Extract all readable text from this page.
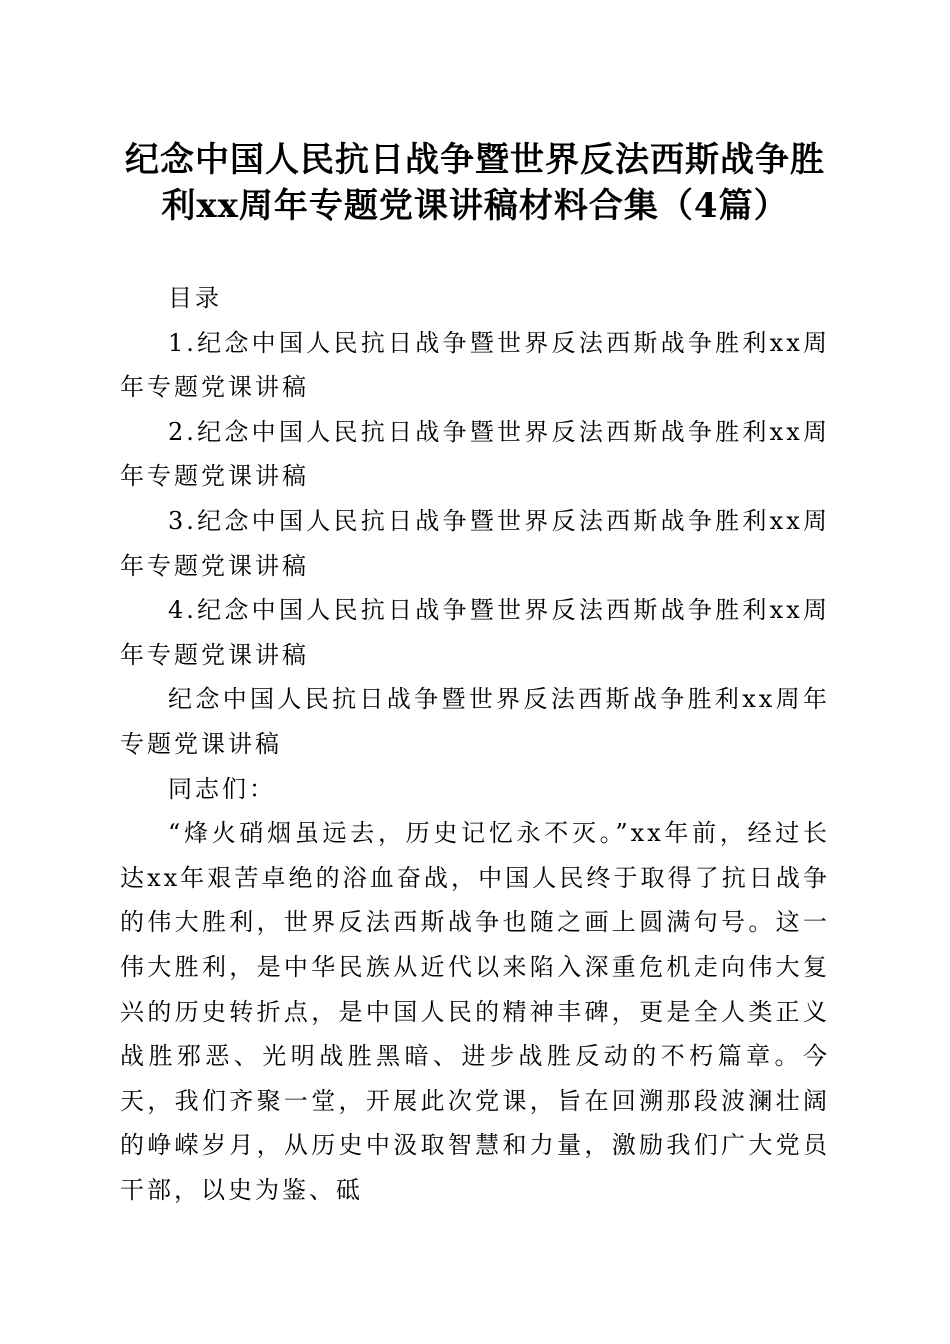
纪念中国人民抗日战争暨世界反法西斯战争胜
利xx周年专题党课讲稿材料合集（4篇）

目录

1.纪念中国人民抗日战争暨世界反法西斯战争胜利xx周年专题党课讲稿

2.纪念中国人民抗日战争暨世界反法西斯战争胜利xx周年专题党课讲稿

3.纪念中国人民抗日战争暨世界反法西斯战争胜利xx周年专题党课讲稿

4.纪念中国人民抗日战争暨世界反法西斯战争胜利xx周年专题党课讲稿

纪念中国人民抗日战争暨世界反法西斯战争胜利xx周年专题党课讲稿

同志们：

“烽火硝烟虽远去，历史记忆永不灭。”xx年前，经过长达xx年艰苦卓绝的浴血奋战，中国人民终于取得了抗日战争的伟大胜利，世界反法西斯战争也随之画上圆满句号。这一伟大胜利，是中华民族从近代以来陷入深重危机走向伟大复兴的历史转折点，是中国人民的精神丰碑，更是全人类正义战胜邪恶、光明战胜黑暗、进步战胜反动的不朽篇章。今天，我们齐聚一堂，开展此次党课，旨在回溯那段波澜壮阔的峥嵘岁月，从历史中汲取智慧和力量，激励我们广大党员干部，以史为鉴、砥
